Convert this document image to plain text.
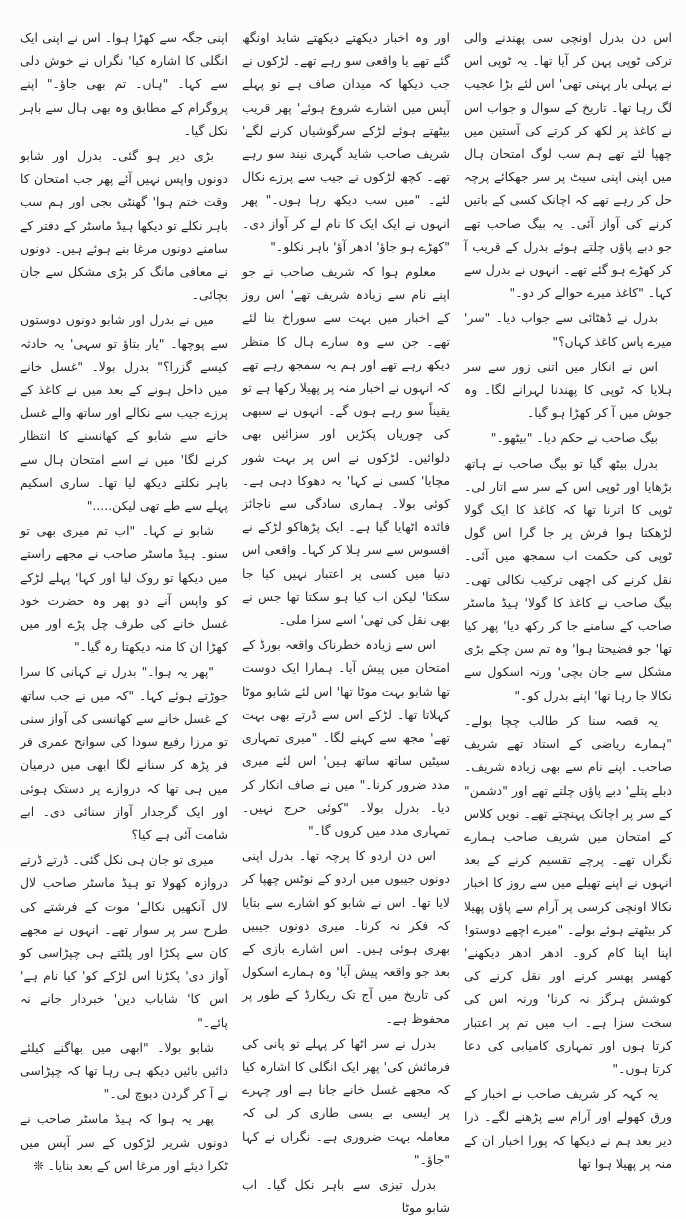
اس دن بدرل اونچی سی پھندنے والی ترکی ٹوپی پہن کر آیا تھا۔ یہ ٹوپی اس نے پہلی بار پہنی تھی' اس لئے بڑا عجیب لگ رہا تھا۔ تاریخ کے سوال و جواب اس نے کاغذ پر لکھ کر کرتے کی آستین میں چھپا لئے تھے ہم سب لوگ امتحان ہال میں اپنی اپنی سیٹ پر سر جھکائے پرچہ حل کر رہے تھے کہ اچانک کسی کے باتیں کرنے کی آواز آئی۔ یہ بیگ صاحب تھے جو دبے پاؤں چلتے ہوئے بدرل کے قریب آ کر کھڑے ہو گئے تھے۔ انہوں نے بدرل سے کہا۔ "کاغذ میرے حوالے کر دو۔"

بدرل نے ڈھٹائی سے جواب دیا۔ "سر' میرے پاس کاغذ کہاں؟"

اس نے انکار میں اتنی زور سے سر ہلایا کہ ٹوپی کا پھندنا لہرانے لگا۔ وہ جوش میں آ کر کھڑا ہو گیا۔

بیگ صاحب نے حکم دیا۔ "بیٹھو۔"

بدرل بیٹھ گیا تو بیگ صاحب نے ہاتھ بڑھایا اور ٹوپی اس کے سر سے اتار لی۔ ٹوپی کا اترنا تھا کہ کاغذ کا ایک گولا لڑھکتا ہوا فرش پر جا گرا اس گول ٹوپی کی حکمت اب سمجھ میں آئی۔ نقل کرنے کی اچھی ترکیب نکالی تھی۔ بیگ صاحب نے کاغذ کا گولا' ہیڈ ماسٹر صاحب کے سامنے جا کر رکھ دیا' پھر کیا تھا' جو فضیحتا ہوا' وہ تم سن چکے بڑی مشکل سے جان بچی' ورنہ اسکول سے نکالا جا رہا تھا' اپنے بدرل کو۔"

یہ قصہ سنا کر طالب چچا بولے۔ "ہمارے ریاضی کے استاد تھے شریف صاحب۔ اپنے نام سے بھی زیادہ شریف۔ دبلے پتلے' دبے پاؤں چلتے تھے اور "دشمن" کے سر پر اچانک پہنچتے تھے۔ نویں کلاس کے امتحان میں شریف صاحب ہمارے نگراں تھے۔ پرچے تقسیم کرنے کے بعد انہوں نے اپنے تھیلے میں سے روز کا اخبار نکالا اونچی کرسی پر آرام سے پاؤں پھیلا کر بیٹھتے ہوئے بولے۔ "میرے اچھے دوستو! اپنا اپنا کام کرو۔ ادھر ادھر دیکھنے' کھسر پھسر کرنے اور نقل کرنے کی کوشش ہرگز نہ کرنا' ورنہ اس کی سخت سزا ہے۔ اب میں تم پر اعتبار کرتا ہوں اور تمہاری کامیابی کی دعا کرتا ہوں۔"

یہ کہہ کر شریف صاحب نے اخبار کے ورق کھولے اور آرام سے پڑھنے لگے۔ ذرا دیر بعد ہم نے دیکھا کہ پورا اخبار ان کے منہ پر پھیلا ہوا تھا

اور وہ اخبار دیکھتے دیکھتے شاید اونگھ گئے تھے یا واقعی سو رہے تھے۔ لڑکوں نے جب دیکھا کہ میدان صاف ہے تو پہلے آپس میں اشارے شروع ہوئے' پھر قریب بیٹھتے ہوئے لڑکے سرگوشیاں کرنے لگے' شریف صاحب شاید گہری نیند سو رہے تھے۔ کچھ لڑکوں نے جیب سے پرزے نکال لئے۔ "میں سب دیکھ رہا ہوں۔" پھر انہوں نے ایک ایک کا نام لے کر آواز دی۔ "کھڑے ہو جاؤ' ادھر آؤ' باہر نکلو۔"

معلوم ہوا کہ شریف صاحب نے جو اپنے نام سے زیادہ شریف تھے' اس روز کے اخبار میں بہت سے سوراخ بنا لئے تھے۔ جن سے وہ سارے ہال کا منظر دیکھ رہے تھے اور ہم یہ سمجھ رہے تھے کہ انہوں نے اخبار منہ پر پھیلا رکھا ہے تو یقیناً سو رہے ہوں گے۔ انہوں نے سبھی کی چوریاں پکڑیں اور سزائیں بھی دلوائیں۔ لڑکوں نے اس پر بہت شور مچایا' کسی نے کہا' یہ دھوکا دہی ہے۔ کوئی بولا۔ ہماری سادگی سے ناجائز فائدہ اٹھایا گیا ہے۔ ایک پڑھاکو لڑکے نے افسوس سے سر ہلا کر کہا۔ واقعی اس دنیا میں کسی پر اعتبار نہیں کیا جا سکتا' لیکن اب کیا ہو سکتا تھا جس نے بھی نقل کی تھی' اسے سزا ملی۔

اس سے زیادہ خطرناک واقعہ بورڈ کے امتحان میں پیش آیا۔ ہمارا ایک دوست تھا شابو بہت موٹا تھا' اس لئے شابو موٹا کہلاتا تھا۔ لڑکے اس سے ڈرتے بھی بہت تھے' مجھ سے کہنے لگا۔ "میری تمہاری سیٹیں ساتھ ساتھ ہیں' اس لئے میری مدد ضرور کرنا۔" میں نے صاف انکار کر دیا۔ بدرل بولا۔ "کوئی حرج نہیں۔ تمہاری مدد میں کروں گا۔"

اس دن اردو کا پرچہ تھا۔ بدرل اپنی دونوں جیبوں میں اردو کے نوٹس چھپا کر لایا تھا۔ اس نے شابو کو اشارے سے بتایا کہ فکر نہ کرنا۔ میری دونوں جیبیں بھری ہوئی ہیں۔ اس اشارے بازی کے بعد جو واقعہ پیش آیا' وہ ہمارے اسکول کی تاریخ میں آج تک ریکارڈ کے طور پر محفوظ ہے۔

بدرل نے سر اٹھا کر پہلے تو پانی کی فرمائش کی' پھر ایک انگلی کا اشارہ کیا کہ مجھے غسل خانے جانا ہے اور چہرے پر ایسی بے بسی طاری کر لی کہ معاملہ بہت ضروری ہے۔ نگراں نے کہا "جاؤ۔"

بدرل تیزی سے باہر نکل گیا۔ اب شابو موٹا

اپنی جگہ سے کھڑا ہوا۔ اس نے اپنی ایک انگلی کا اشارہ کیا' نگراں نے خوش دلی سے کہا۔ "ہاں۔ تم بھی جاؤ۔" اپنے پروگرام کے مطابق وہ بھی ہال سے باہر نکل گیا۔

بڑی دیر ہو گئی۔ بدرل اور شابو دونوں واپس نہیں آئے پھر جب امتحان کا وقت ختم ہوا' گھنٹی بجی اور ہم سب باہر نکلے تو دیکھا ہیڈ ماسٹر کے دفتر کے سامنے دونوں مرغا بنے ہوئے ہیں۔ دونوں نے معافی مانگ کر بڑی مشکل سے جان بچائی۔

میں نے بدرل اور شابو دونوں دوستوں سے پوچھا۔ "یار بتاؤ تو سہی' یہ حادثہ کیسے گزرا؟" بدرل بولا۔ "غسل خانے میں داخل ہونے کے بعد میں نے کاغذ کے پرزے جیب سے نکالے اور ساتھ والے غسل خانے سے شابو کے کھانسنے کا انتظار کرنے لگا' میں نے اسے امتحان ہال سے باہر نکلتے دیکھ لیا تھا۔ ساری اسکیم پہلے سے طے تھی لیکن....."

شابو نے کہا۔ "اب تم میری بھی تو سنو۔ ہیڈ ماسٹر صاحب نے مجھے راستے میں دیکھا تو روک لیا اور کہا' پہلے لڑکے کو واپس آنے دو پھر وہ حضرت خود غسل خانے کی طرف چل پڑے اور میں کھڑا ان کا منہ دیکھتا رہ گیا۔"

"پھر یہ ہوا۔" بدرل نے کہانی کا سرا جوڑتے ہوئے کہا۔ "کہ میں نے جب ساتھ کے غسل خانے سے کھانسی کی آواز سنی تو مرزا رفیع سودا کی سوانح عمری فر فر پڑھ کر سنانے لگا ابھی میں درمیان میں ہی تھا کہ دروازے پر دستک ہوئی اور ایک گرجدار آواز سنائی دی۔ ابے شامت آئی ہے کیا؟

میری تو جان ہی نکل گئی۔ ڈرتے ڈرتے دروازہ کھولا تو ہیڈ ماسٹر صاحب لال لال آنکھیں نکالے' موت کے فرشتے کی طرح سر پر سوار تھے۔ انہوں نے مجھے کان سے پکڑا اور پلٹتے ہی چپڑاسی کو آواز دی' پکڑنا اس لڑکے کو' کیا نام ہے' اس کا' شاباب دین' خبردار جانے نہ پائے۔"

شابو بولا۔ "ابھی میں بھاگنے کیلئے دائیں بائیں دیکھ ہی رہا تھا کہ چپڑاسی نے آ کر گردن دبوچ لی۔"

پھر یہ ہوا کہ ہیڈ ماسٹر صاحب نے دونوں شریر لڑکوں کے سر آپس میں ٹکرا دیئے اور مرغا اس کے بعد بنایا۔ ❊
